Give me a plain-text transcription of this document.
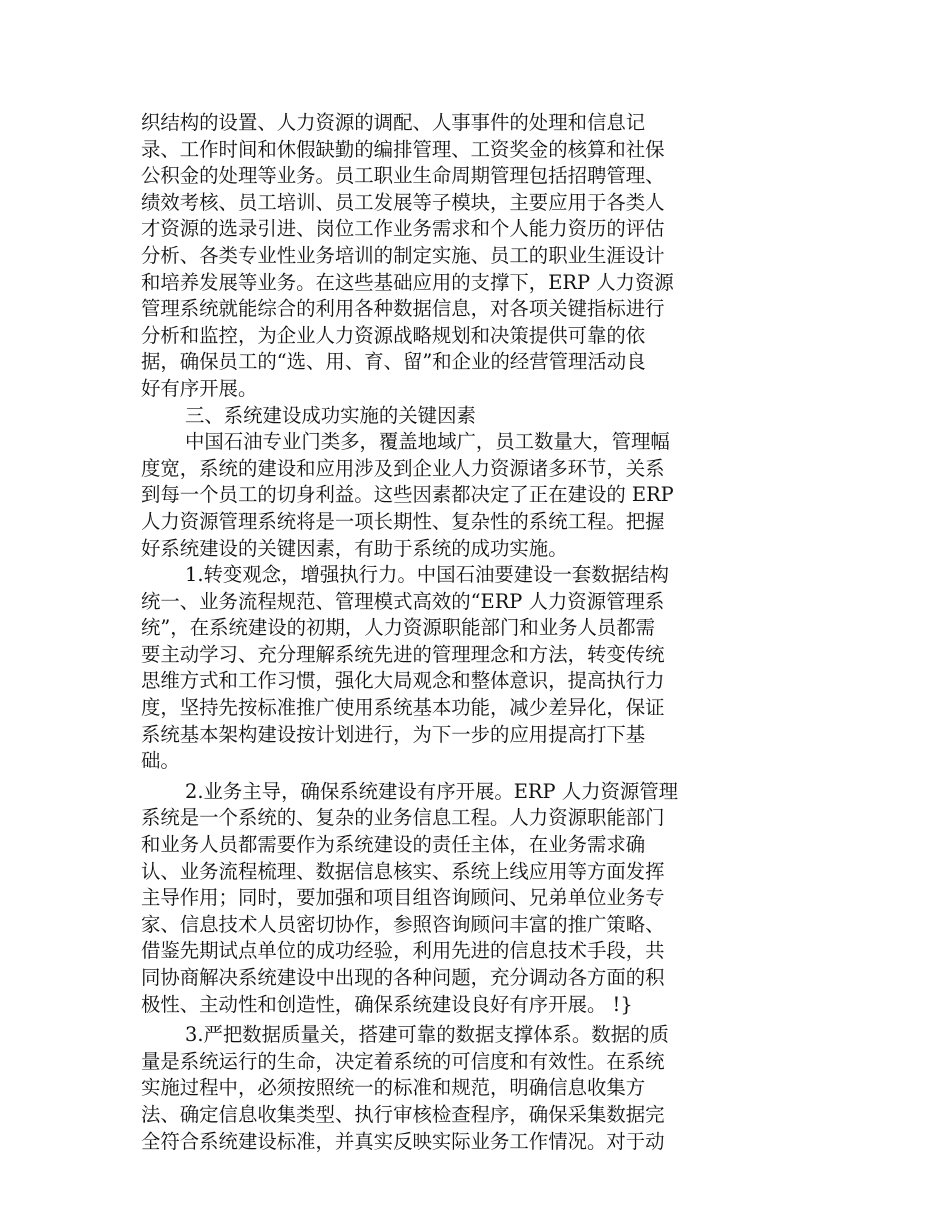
织结构的设置、人力资源的调配、人事事件的处理和信息记
录、工作时间和休假缺勤的编排管理、工资奖金的核算和社保
公积金的处理等业务。员工职业生命周期管理包括招聘管理、
绩效考核、员工培训、员工发展等子模块，主要应用于各类人
才资源的选录引进、岗位工作业务需求和个人能力资历的评估
分析、各类专业性业务培训的制定实施、员工的职业生涯设计
和培养发展等业务。在这些基础应用的支撑下，ERP 人力资源
管理系统就能综合的利用各种数据信息，对各项关键指标进行
分析和监控，为企业人力资源战略规划和决策提供可靠的依
据，确保员工的“选、用、育、留”和企业的经营管理活动良
好有序开展。
三、系统建设成功实施的关键因素
中国石油专业门类多，覆盖地域广，员工数量大，管理幅
度宽，系统的建设和应用涉及到企业人力资源诸多环节，关系
到每一个员工的切身利益。这些因素都决定了正在建设的 ERP
人力资源管理系统将是一项长期性、复杂性的系统工程。把握
好系统建设的关键因素，有助于系统的成功实施。
1.转变观念，增强执行力。中国石油要建设一套数据结构
统一、业务流程规范、管理模式高效的“ERP 人力资源管理系
统”，在系统建设的初期，人力资源职能部门和业务人员都需
要主动学习、充分理解系统先进的管理理念和方法，转变传统
思维方式和工作习惯，强化大局观念和整体意识，提高执行力
度，坚持先按标准推广使用系统基本功能，减少差异化，保证
系统基本架构建设按计划进行，为下一步的应用提高打下基
础。
2.业务主导，确保系统建设有序开展。ERP 人力资源管理
系统是一个系统的、复杂的业务信息工程。人力资源职能部门
和业务人员都需要作为系统建设的责任主体，在业务需求确
认、业务流程梳理、数据信息核实、系统上线应用等方面发挥
主导作用；同时，要加强和项目组咨询顾问、兄弟单位业务专
家、信息技术人员密切协作，参照咨询顾问丰富的推广策略、
借鉴先期试点单位的成功经验，利用先进的信息技术手段，共
同协商解决系统建设中出现的各种问题，充分调动各方面的积
极性、主动性和创造性，确保系统建设良好有序开展。 !}
3.严把数据质量关，搭建可靠的数据支撑体系。数据的质
量是系统运行的生命，决定着系统的可信度和有效性。在系统
实施过程中，必须按照统一的标准和规范，明确信息收集方
法、确定信息收集类型、执行审核检查程序，确保采集数据完
全符合系统建设标准，并真实反映实际业务工作情况。对于动
